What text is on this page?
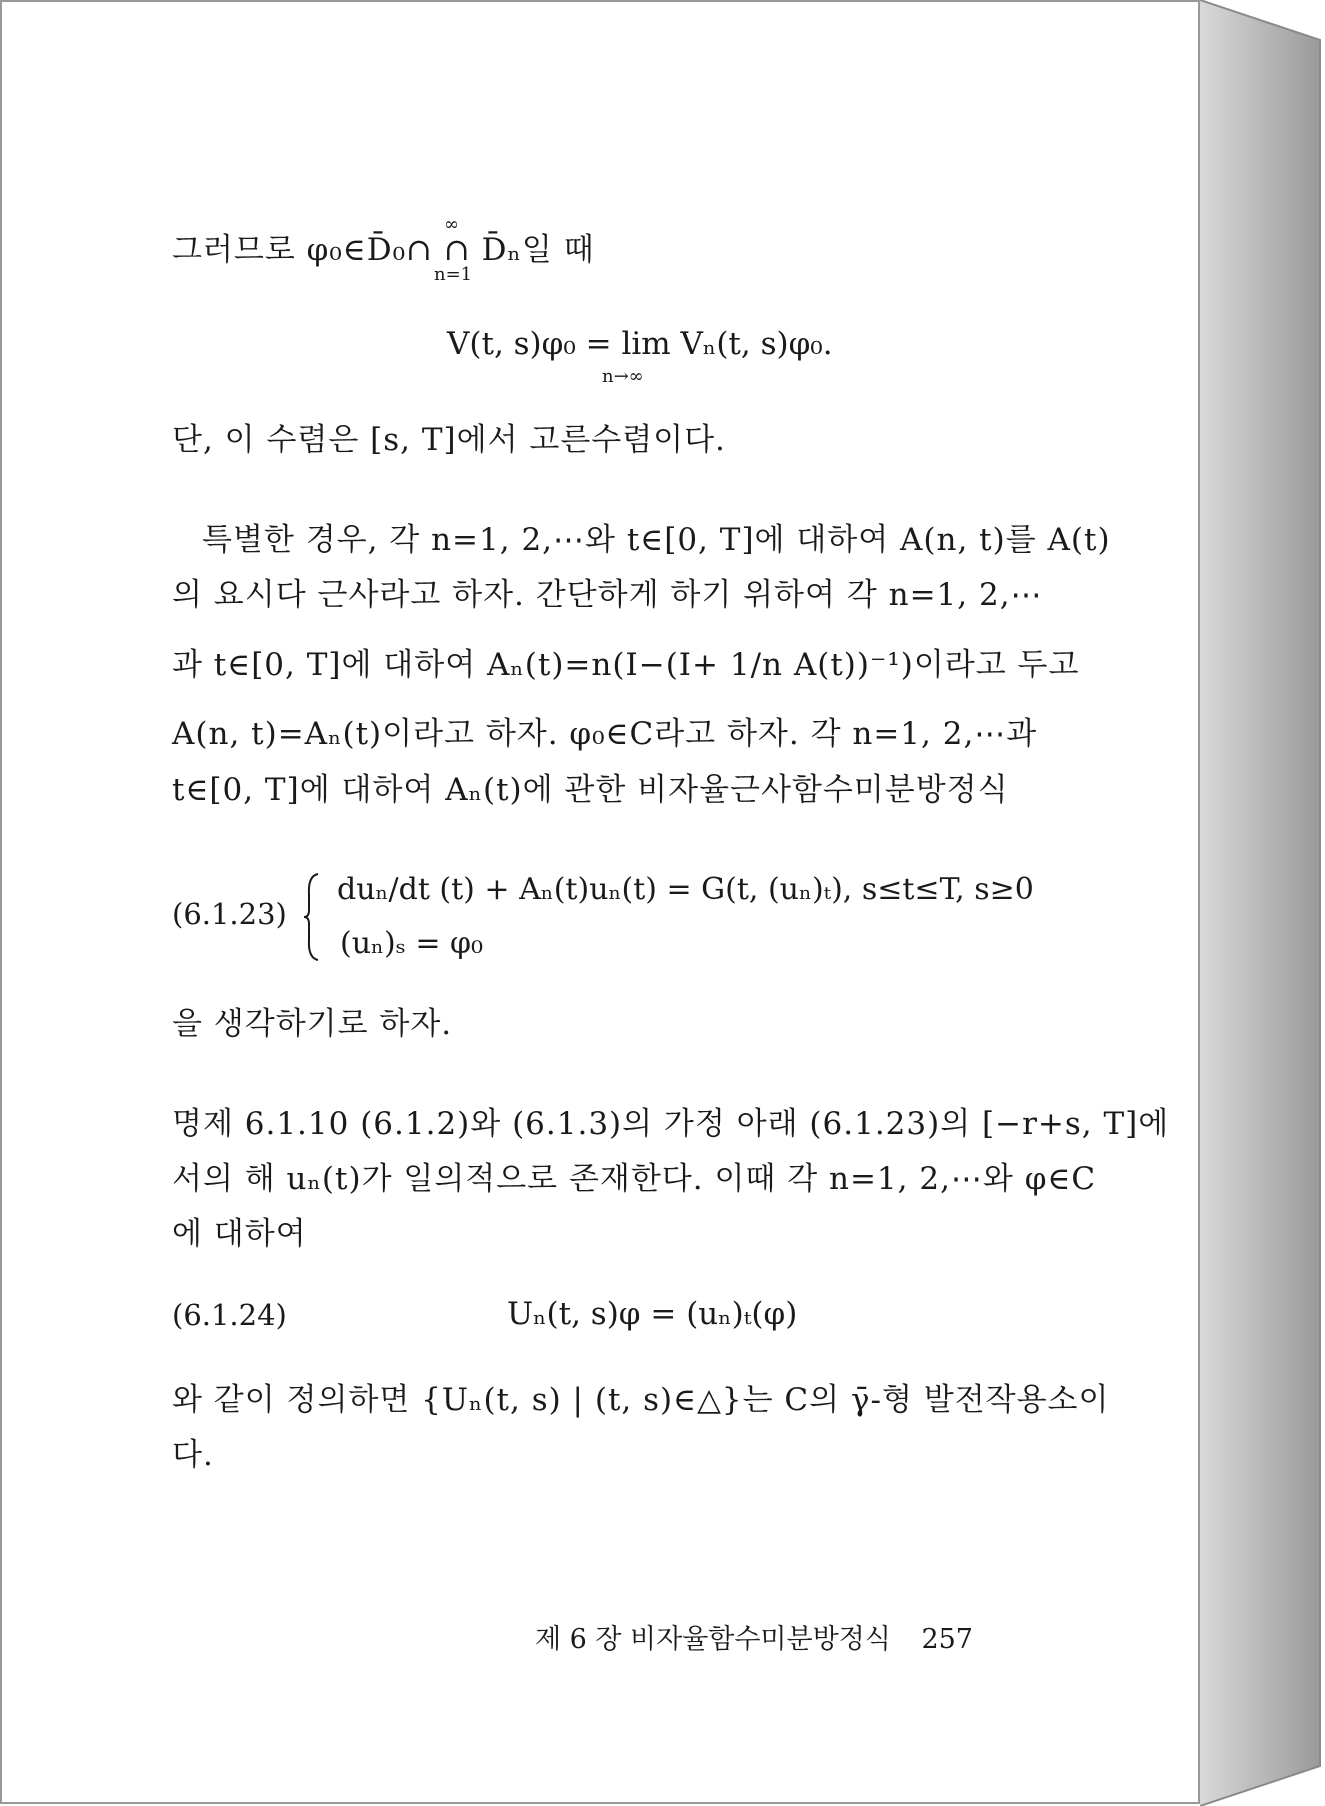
그러므로 φ₀∈D̄₀∩ ∩ D̄ₙ일 때
∞
n=1
V(t, s)φ₀ = lim Vₙ(t, s)φ₀.
n→∞
단, 이 수렴은 [s, T]에서 고른수렴이다.
특별한 경우, 각 n=1, 2,⋯와 t∈[0, T]에 대하여 A(n, t)를 A(t)
의 요시다 근사라고 하자. 간단하게 하기 위하여 각 n=1, 2,⋯
과 t∈[0, T]에 대하여 Aₙ(t)=n(I−(I+ 1/n A(t))⁻¹)이라고 두고
A(n, t)=Aₙ(t)이라고 하자. φ₀∈C라고 하자. 각 n=1, 2,⋯과
t∈[0, T]에 대하여 Aₙ(t)에 관한 비자율근사함수미분방정식
(6.1.23)
duₙ/dt (t) + Aₙ(t)uₙ(t) = G(t, (uₙ)ₜ), s≤t≤T, s≥0
(uₙ)ₛ = φ₀
을 생각하기로 하자.
명제 6.1.10 (6.1.2)와 (6.1.3)의 가정 아래 (6.1.23)의 [−r+s, T]에
서의 해 uₙ(t)가 일의적으로 존재한다. 이때 각 n=1, 2,⋯와 φ∈C
에 대하여
(6.1.24)	Uₙ(t, s)φ = (uₙ)ₜ(φ)
와 같이 정의하면 {Uₙ(t, s) | (t, s)∈△}는 C의 γ̄-형 발전작용소이
다.
제 6 장 비자율함수미분방정식 257
